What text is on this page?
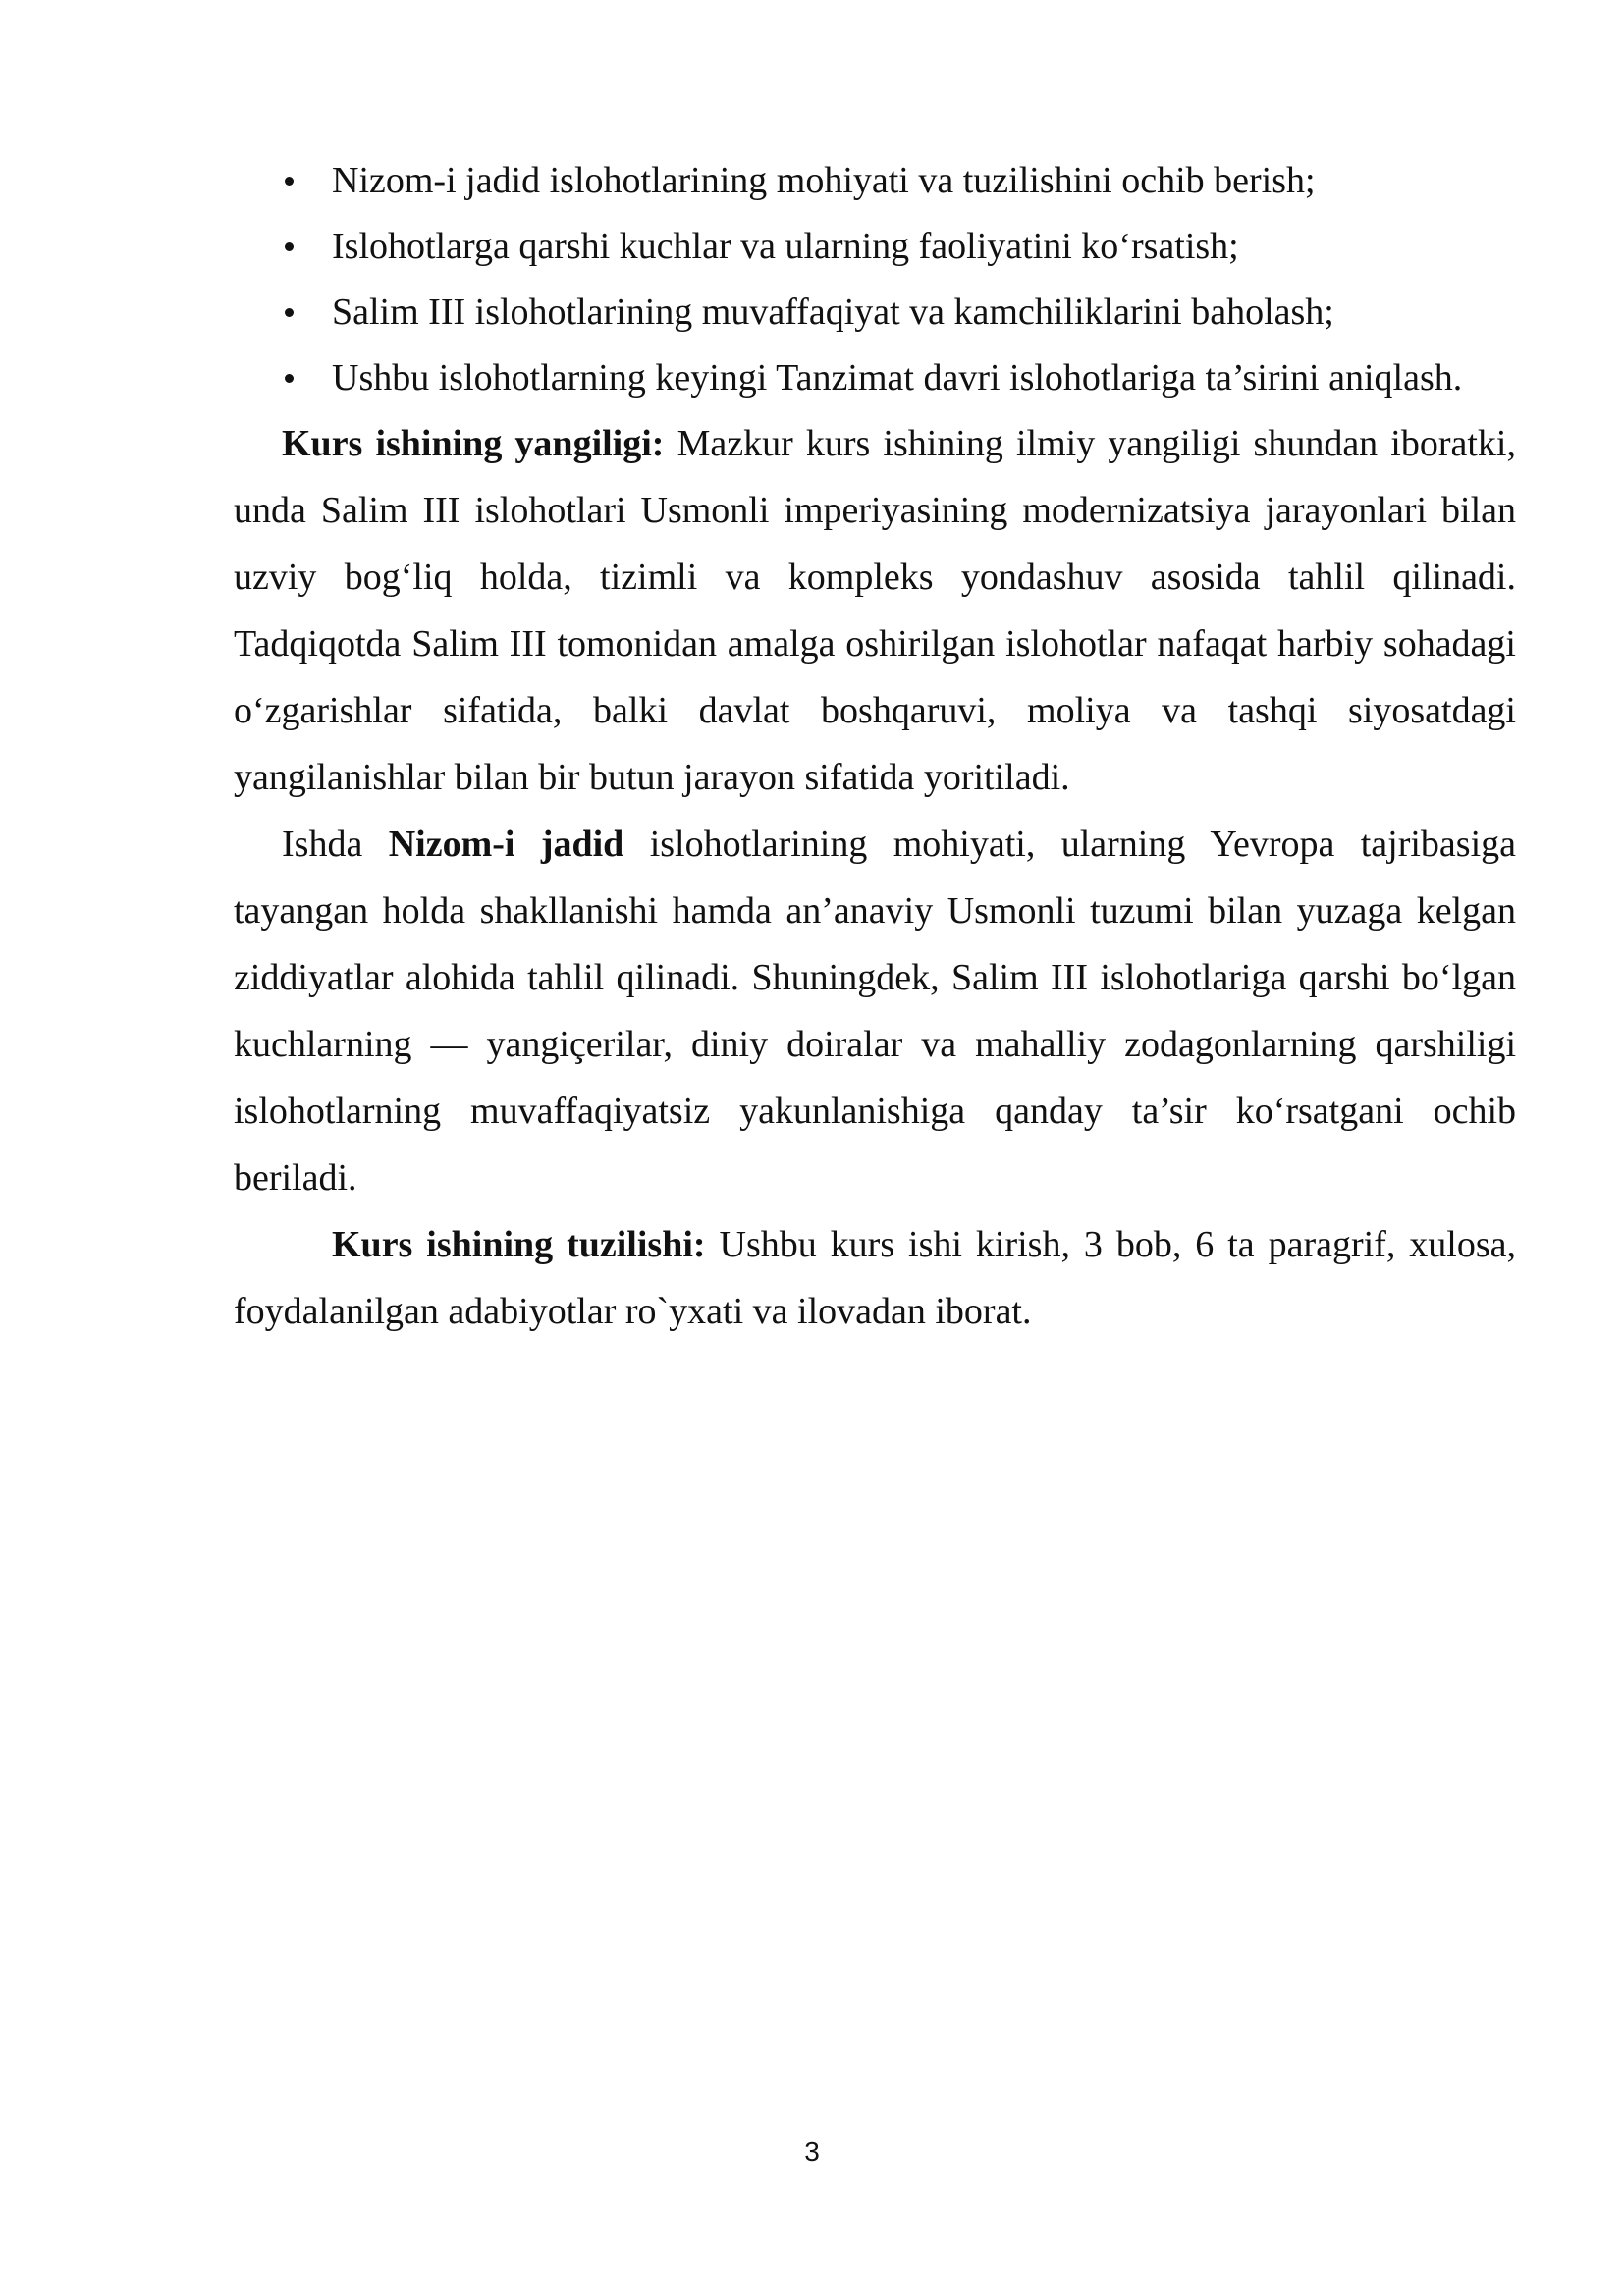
Nizom-i jadid islohotlarining mohiyati va tuzilishini ochib berish;
Islohotlarga qarshi kuchlar va ularning faoliyatini koʻrsatish;
Salim III islohotlarining muvaffaqiyat va kamchiliklarini baholash;
Ushbu islohotlarning keyingi Tanzimat davri islohotlariga ta’sirini aniqlash.

Kurs ishining yangiligi: Mazkur kurs ishining ilmiy yangiligi shundan iboratki, unda Salim III islohotlari Usmonli imperiyasining modernizatsiya jarayonlari bilan uzviy bogʻliq holda, tizimli va kompleks yondashuv asosida tahlil qilinadi. Tadqiqotda Salim III tomonidan amalga oshirilgan islohotlar nafaqat harbiy sohadagi oʻzgarishlar sifatida, balki davlat boshqaruvi, moliya va tashqi siyosatdagi yangilanishlar bilan bir butun jarayon sifatida yoritiladi.

Ishda Nizom-i jadid islohotlarining mohiyati, ularning Yevropa tajribasiga tayangan holda shakllanishi hamda an’anaviy Usmonli tuzumi bilan yuzaga kelgan ziddiyatlar alohida tahlil qilinadi. Shuningdek, Salim III islohotlariga qarshi boʻlgan kuchlarning — yangiçerilar, diniy doiralar va mahalliy zodagonlarning qarshiligi islohotlarning muvaffaqiyatsiz yakunlanishiga qanday ta’sir koʻrsatgani ochib beriladi.

Kurs ishining tuzilishi: Ushbu kurs ishi kirish, 3 bob, 6 ta paragrif, xulosa, foydalanilgan adabiyotlar ro`yxati va ilovadan iborat.

3
